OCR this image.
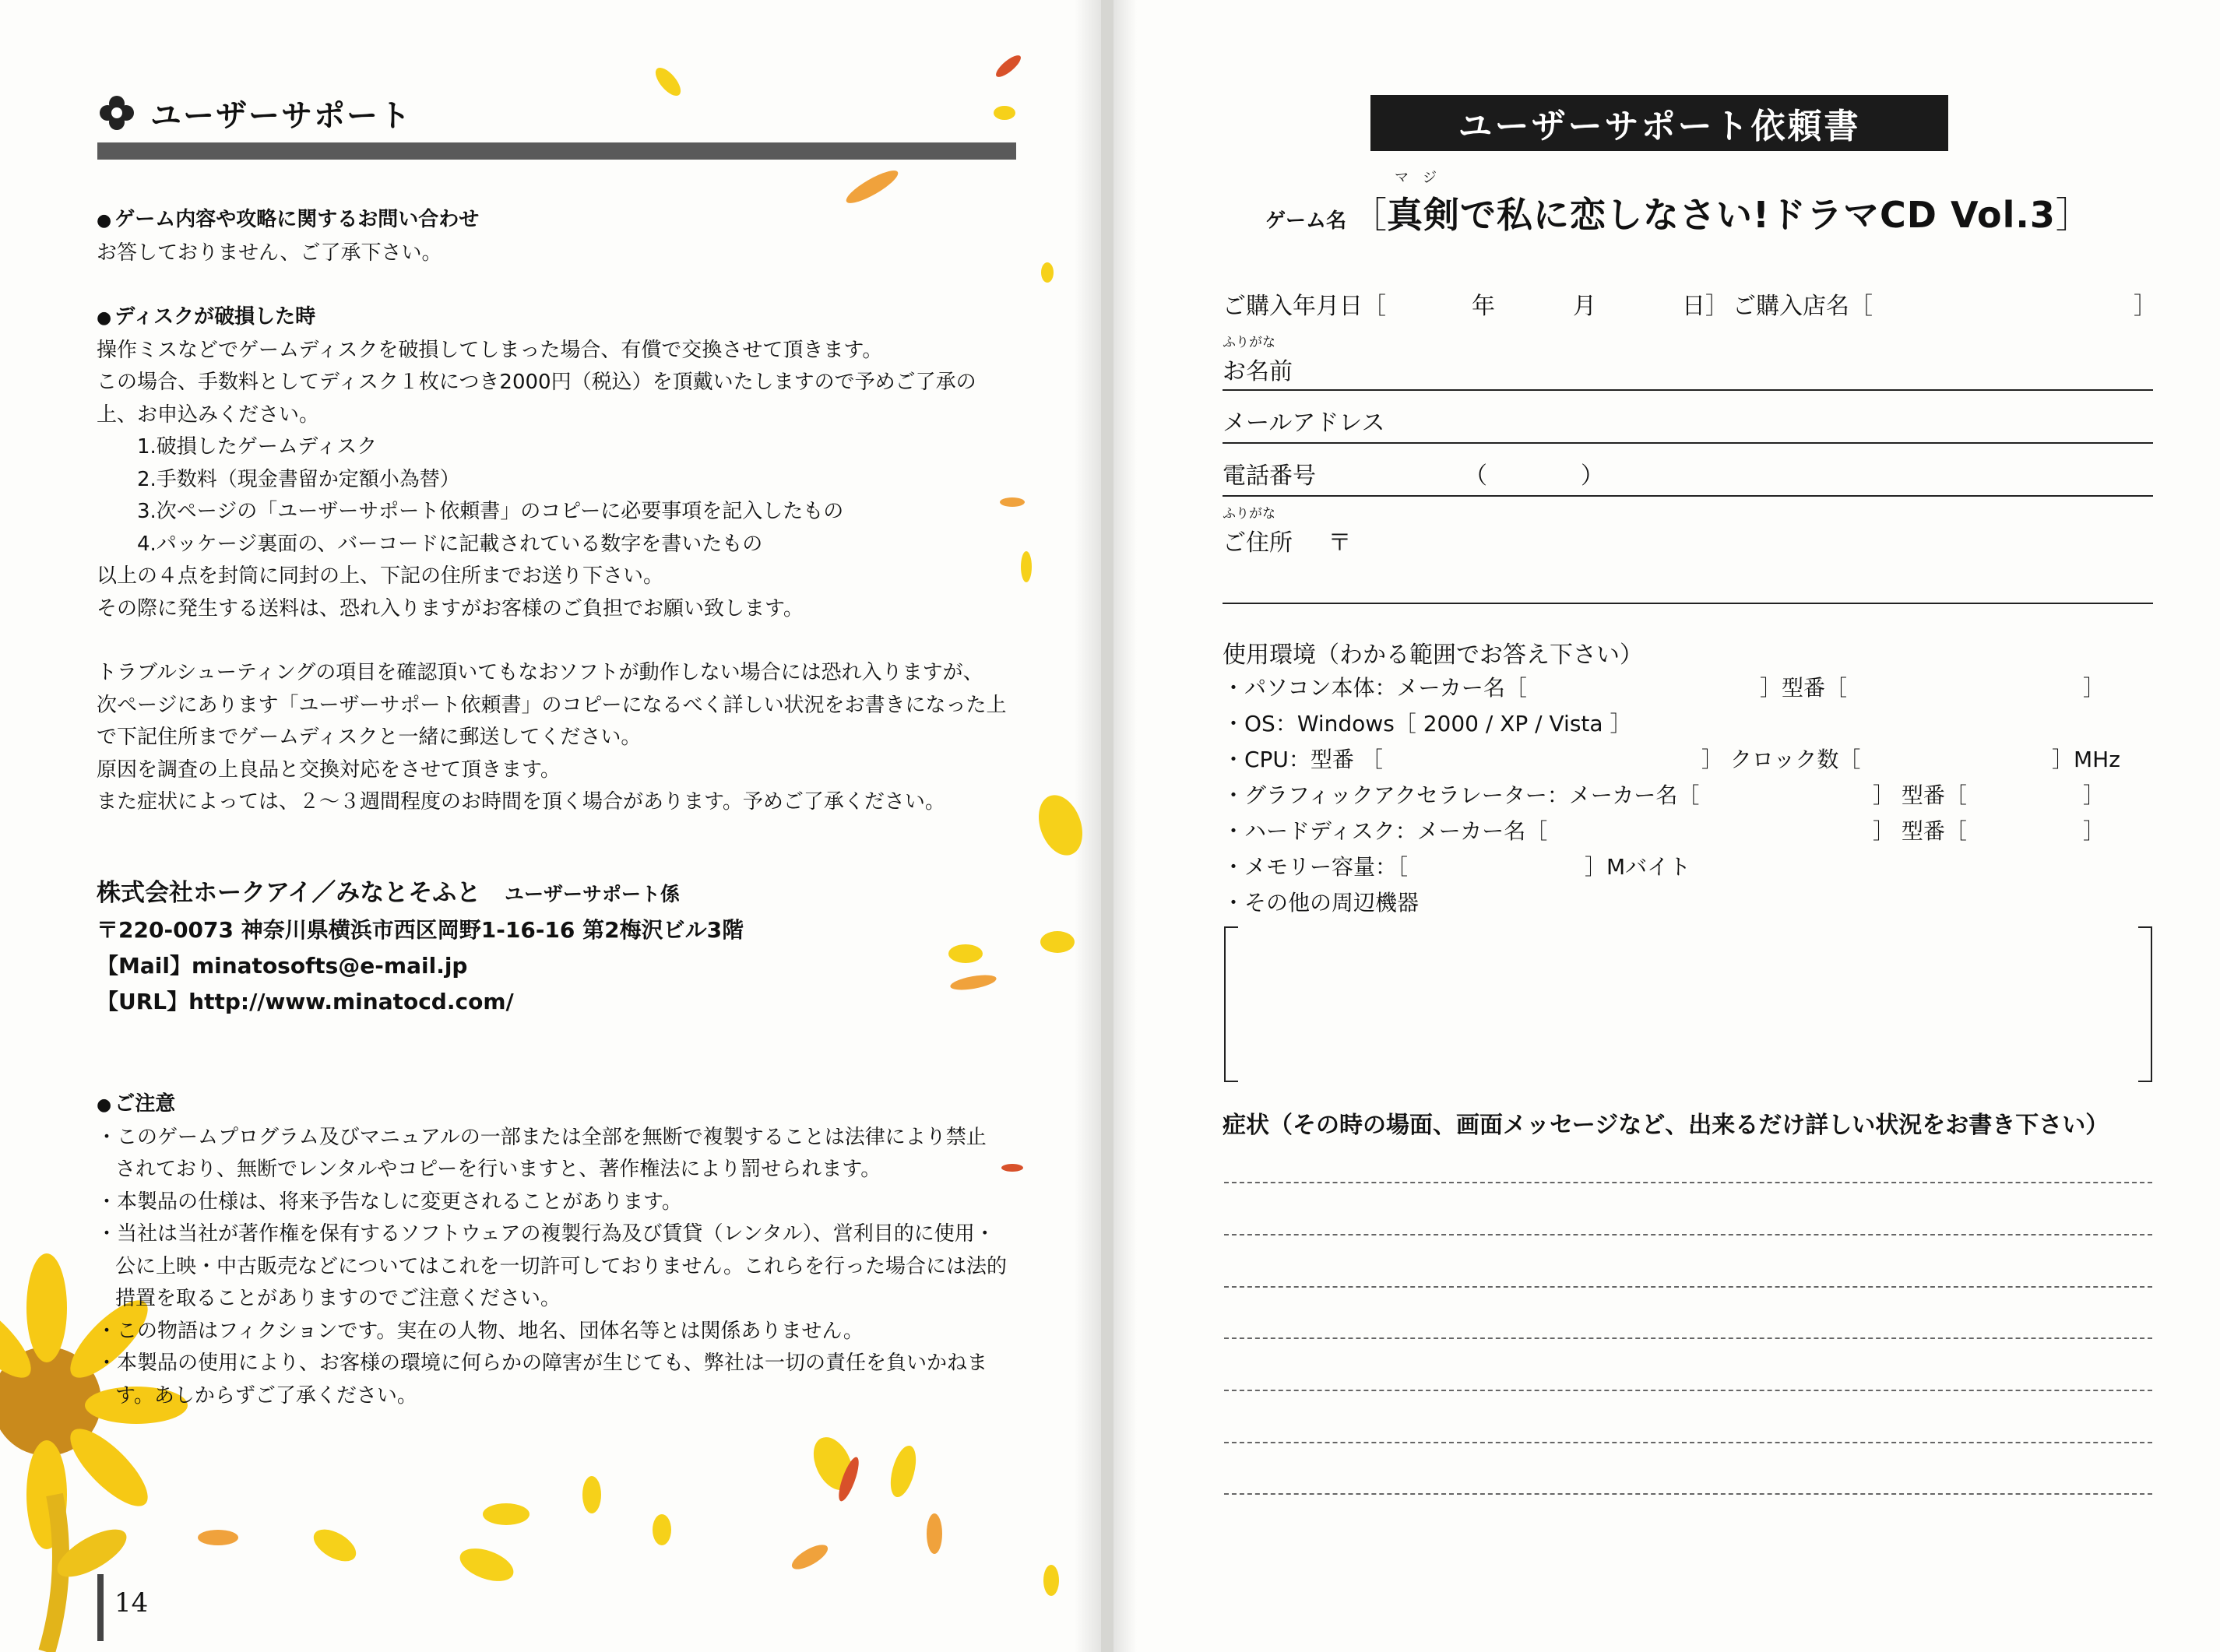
ユーザーサポート
● ゲーム内容や攻略に関するお問い合わせ
お答しておりません、ご了承下さい。
● ディスクが破損した時
操作ミスなどでゲームディスクを破損してしまった場合、有償で交換させて頂きます。
この場合、手数料としてディスク１枚につき2000円（税込）を頂戴いたしますので予めご了承の
上、お申込みください。
1.破損したゲームディスク
2.手数料（現金書留か定額小為替）
3.次ページの「ユーザーサポート依頼書」のコピーに必要事項を記入したもの
4.パッケージ裏面の、バーコードに記載されている数字を書いたもの
以上の４点を封筒に同封の上、下記の住所までお送り下さい。
その際に発生する送料は、恐れ入りますがお客様のご負担でお願い致します。
トラブルシューティングの項目を確認頂いてもなおソフトが動作しない場合には恐れ入りますが、
次ページにあります「ユーザーサポート依頼書」のコピーになるべく詳しい状況をお書きになった上
で下記住所までゲームディスクと一緒に郵送してください。
原因を調査の上良品と交換対応をさせて頂きます。
また症状によっては、２〜３週間程度のお時間を頂く場合があります。予めご了承ください。
株式会社ホークアイ／みなとそふと ユーザーサポート係
〒220-0073 神奈川県横浜市西区岡野1-16-16 第2梅沢ビル3階
【Mail】minatosofts@e-mail.jp
【URL】http://www.minatocd.com/
● ご注意
・このゲームプログラム及びマニュアルの一部または全部を無断で複製することは法律により禁止
されており、無断でレンタルやコピーを行いますと、著作権法により罰せられます。
・本製品の仕様は、将来予告なしに変更されることがあります。
・当社は当社が著作権を保有するソフトウェアの複製行為及び賃貸（レンタル）、営利目的に使用・
公に上映・中古販売などについてはこれを一切許可しておりません。これらを行った場合には法的
措置を取ることがありますのでご注意ください。
・この物語はフィクションです。実在の人物、地名、団体名等とは関係ありません。
・本製品の使用により、お客様の環境に何らかの障害が生じても、弊社は一切の責任を負いかねま
す。あしからずご了承ください。
14
ユーザーサポート依頼書
ゲーム名 ［
マジ
真剣で私に恋しなさい!ドラマCD Vol.3 ］
ご購入年月日［	年	月	日］ ご購入店名［	］
ふりがな
お名前
メールアドレス
電話番号	（　　　　）
ふりがな
ご住所 〒
使用環境（わかる範囲でお答え下さい）
・パソコン本体：メーカー名［	］型番［	］
・OS：Windows［ 2000 / XP / Vista ］
・CPU：型番 ［	］ クロック数［	］MHz
・グラフィックアクセラレーター：メーカー名［	］ 型番［	］
・ハードディスク：メーカー名［	］ 型番［	］
・メモリー容量：［	］Mバイト
・その他の周辺機器
症状（その時の場面、画面メッセージなど、出来るだけ詳しい状況をお書き下さい）
